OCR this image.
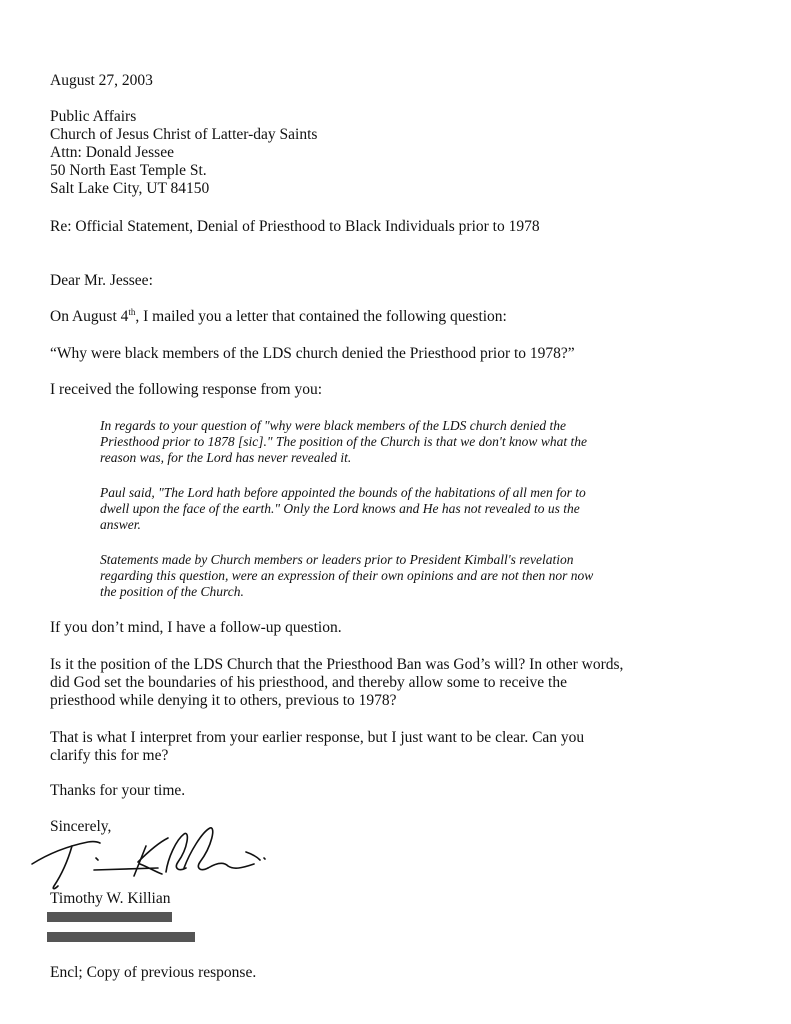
August 27, 2003
Public Affairs
Church of Jesus Christ of Latter-day Saints
Attn: Donald Jessee
50 North East Temple St.
Salt Lake City, UT 84150
Re: Official Statement, Denial of Priesthood to Black Individuals prior to 1978
Dear Mr. Jessee:
On August 4th, I mailed you a letter that contained the following question:
“Why were black members of the LDS church denied the Priesthood prior to 1978?”
I received the following response from you:
In regards to your question of "why were black members of the LDS church denied the
Priesthood prior to 1878 [sic]." The position of the Church is that we don't know what the
reason was, for the Lord has never revealed it.
Paul said, "The Lord hath before appointed the bounds of the habitations of all men for to
dwell upon the face of the earth." Only the Lord knows and He has not revealed to us the
answer.
Statements made by Church members or leaders prior to President Kimball's revelation
regarding this question, were an expression of their own opinions and are not then nor now
the position of the Church.
If you don’t mind, I have a follow-up question.
Is it the position of the LDS Church that the Priesthood Ban was God’s will? In other words,
did God set the boundaries of his priesthood, and thereby allow some to receive the
priesthood while denying it to others, previous to 1978?
That is what I interpret from your earlier response, but I just want to be clear. Can you
clarify this for me?
Thanks for your time.
Sincerely,
Timothy W. Killian
Encl; Copy of previous response.
